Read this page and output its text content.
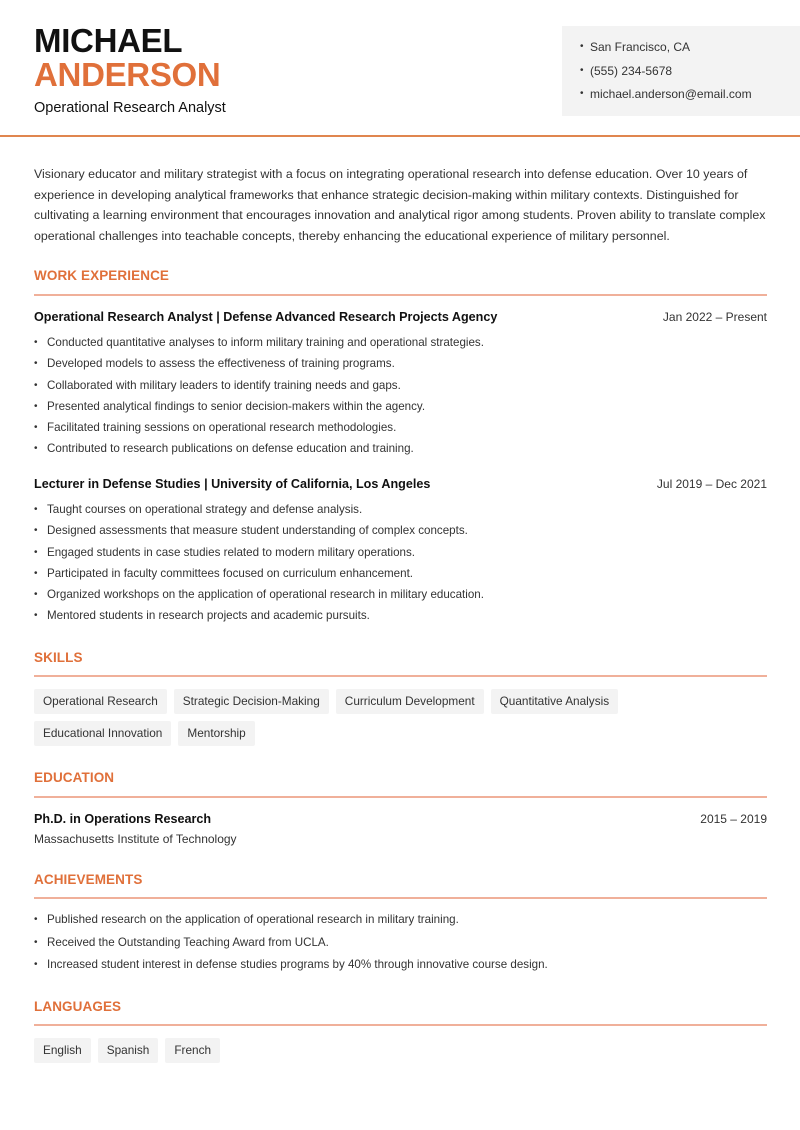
MICHAEL
ANDERSON
Operational Research Analyst
• San Francisco, CA
• (555) 234-5678
• michael.anderson@email.com
Visionary educator and military strategist with a focus on integrating operational research into defense education. Over 10 years of experience in developing analytical frameworks that enhance strategic decision-making within military contexts. Distinguished for cultivating a learning environment that encourages innovation and analytical rigor among students. Proven ability to translate complex operational challenges into teachable concepts, thereby enhancing the educational experience of military personnel.
WORK EXPERIENCE
Operational Research Analyst | Defense Advanced Research Projects Agency	Jan 2022 – Present
• Conducted quantitative analyses to inform military training and operational strategies.
• Developed models to assess the effectiveness of training programs.
• Collaborated with military leaders to identify training needs and gaps.
• Presented analytical findings to senior decision-makers within the agency.
• Facilitated training sessions on operational research methodologies.
• Contributed to research publications on defense education and training.
Lecturer in Defense Studies | University of California, Los Angeles	Jul 2019 – Dec 2021
• Taught courses on operational strategy and defense analysis.
• Designed assessments that measure student understanding of complex concepts.
• Engaged students in case studies related to modern military operations.
• Participated in faculty committees focused on curriculum enhancement.
• Organized workshops on the application of operational research in military education.
• Mentored students in research projects and academic pursuits.
SKILLS
Operational Research	Strategic Decision-Making	Curriculum Development	Quantitative Analysis
Educational Innovation	Mentorship
EDUCATION
Ph.D. in Operations Research	2015 – 2019
Massachusetts Institute of Technology
ACHIEVEMENTS
• Published research on the application of operational research in military training.
• Received the Outstanding Teaching Award from UCLA.
• Increased student interest in defense studies programs by 40% through innovative course design.
LANGUAGES
English	Spanish	French
